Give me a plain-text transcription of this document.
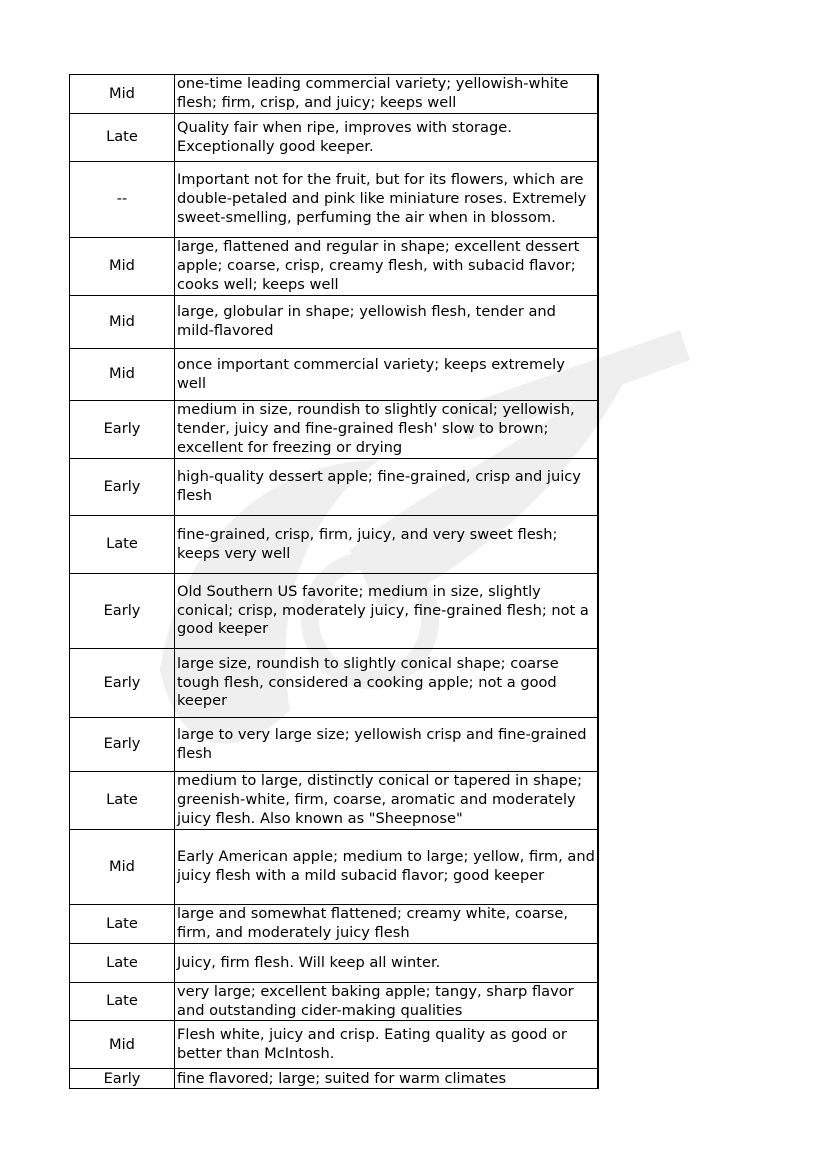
Mid	one-time leading commercial variety; yellowish-white flesh; firm, crisp, and juicy; keeps well
Late	Quality fair when ripe, improves with storage. Exceptionally good keeper.
--	Important not for the fruit, but for its flowers, which are double-petaled and pink like miniature roses. Extremely sweet-smelling, perfuming the air when in blossom.
Mid	large, flattened and regular in shape; excellent dessert apple; coarse, crisp, creamy flesh, with subacid flavor; cooks well; keeps well
Mid	large, globular in shape; yellowish flesh, tender and mild-flavored
Mid	once important commercial variety; keeps extremely well
Early	medium in size, roundish to slightly conical; yellowish, tender, juicy and fine-grained flesh' slow to brown; excellent for freezing or drying
Early	high-quality dessert apple; fine-grained, crisp and juicy flesh
Late	fine-grained, crisp, firm, juicy, and very sweet flesh; keeps very well
Early	Old Southern US favorite; medium in size, slightly conical; crisp, moderately juicy, fine-grained flesh; not a good keeper
Early	large size, roundish to slightly conical shape; coarse tough flesh, considered a cooking apple; not a good keeper
Early	large to very large size; yellowish crisp and fine-grained flesh
Late	medium to large, distinctly conical or tapered in shape; greenish-white, firm, coarse, aromatic and moderately juicy flesh. Also known as "Sheepnose"
Mid	Early American apple; medium to large; yellow, firm, and juicy flesh with a mild subacid flavor; good keeper
Late	large and somewhat flattened; creamy white, coarse, firm, and moderately juicy flesh
Late	Juicy, firm flesh. Will keep all winter.
Late	very large; excellent baking apple; tangy, sharp flavor and outstanding cider-making qualities
Mid	Flesh white, juicy and crisp. Eating quality as good or better than McIntosh.
Early	fine flavored; large; suited for warm climates
